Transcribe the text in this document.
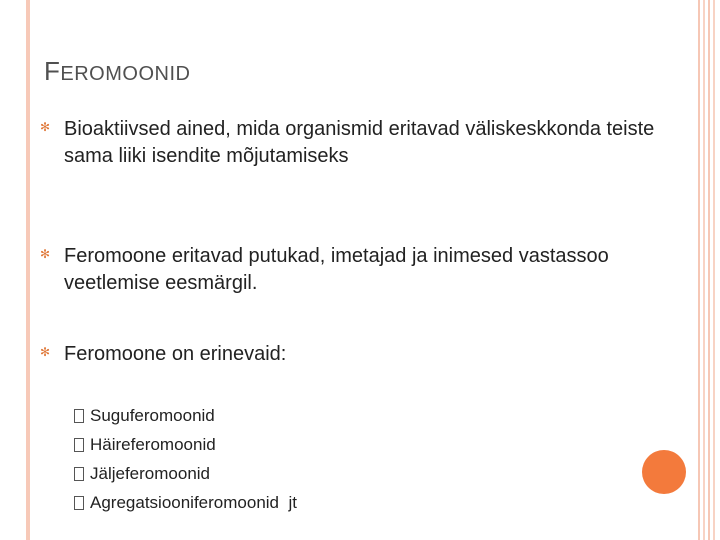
FEROMOONID
✻ Bioaktiivsed ained, mida organismid eritavad väliskeskkonda teiste sama liiki isendite mõjutamiseks
✻ Feromoone eritavad putukad, imetajad ja inimesed vastassoo veetlemise eesmärgil.
✻ Feromoone on erinevaid:
Suguferomoonid
Häireferomoonid
Jäljeferomoonid
Agregatsiooniferomoonid  jt
